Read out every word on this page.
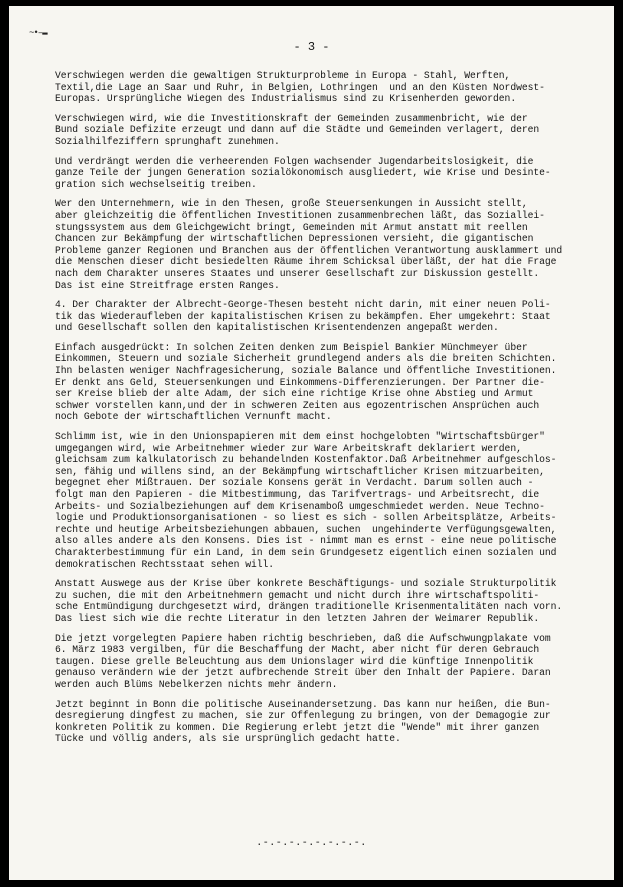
~•–▬
- 3 -
Verschwiegen werden die gewaltigen Strukturprobleme in Europa - Stahl, Werften,
Textil,die Lage an Saar und Ruhr, in Belgien, Lothringen  und an den Küsten Nordwest-
Europas. Ursprüngliche Wiegen des Industrialismus sind zu Krisenherden geworden.
Verschwiegen wird, wie die Investitionskraft der Gemeinden zusammenbricht, wie der
Bund soziale Defizite erzeugt und dann auf die Städte und Gemeinden verlagert, deren
Sozialhilfeziffern sprunghaft zunehmen.
Und verdrängt werden die verheerenden Folgen wachsender Jugendarbeitslosigkeit, die
ganze Teile der jungen Generation sozialökonomisch ausgliedert, wie Krise und Desinte-
gration sich wechselseitig treiben.
Wer den Unternehmern, wie in den Thesen, große Steuersenkungen in Aussicht stellt,
aber gleichzeitig die öffentlichen Investitionen zusammenbrechen läßt, das Soziallei-
stungssystem aus dem Gleichgewicht bringt, Gemeinden mit Armut anstatt mit reellen
Chancen zur Bekämpfung der wirtschaftlichen Depressionen versieht, die gigantischen
Probleme ganzer Regionen und Branchen aus der öffentlichen Verantwortung ausklammert und
die Menschen dieser dicht besiedelten Räume ihrem Schicksal überläßt, der hat die Frage
nach dem Charakter unseres Staates und unserer Gesellschaft zur Diskussion gestellt.
Das ist eine Streitfrage ersten Ranges.
4. Der Charakter der Albrecht-George-Thesen besteht nicht darin, mit einer neuen Poli-
tik das Wiederaufleben der kapitalistischen Krisen zu bekämpfen. Eher umgekehrt: Staat
und Gesellschaft sollen den kapitalistischen Krisentendenzen angepaßt werden.
Einfach ausgedrückt: In solchen Zeiten denken zum Beispiel Bankier Münchmeyer über
Einkommen, Steuern und soziale Sicherheit grundlegend anders als die breiten Schichten.
Ihn belasten weniger Nachfragesicherung, soziale Balance und öffentliche Investitionen.
Er denkt ans Geld, Steuersenkungen und Einkommens-Differenzierungen. Der Partner die-
ser Kreise blieb der alte Adam, der sich eine richtige Krise ohne Abstieg und Armut
schwer vorstellen kann,und der in schweren Zeiten aus egozentrischen Ansprüchen auch
noch Gebote der wirtschaftlichen Vernunft macht.
Schlimm ist, wie in den Unionspapieren mit dem einst hochgelobten "Wirtschaftsbürger"
umgegangen wird, wie Arbeitnehmer wieder zur Ware Arbeitskraft deklariert werden,
gleichsam zum kalkulatorisch zu behandelnden Kostenfaktor.Daß Arbeitnehmer aufgeschlos-
sen, fähig und willens sind, an der Bekämpfung wirtschaftlicher Krisen mitzuarbeiten,
begegnet eher Mißtrauen. Der soziale Konsens gerät in Verdacht. Darum sollen auch -
folgt man den Papieren - die Mitbestimmung, das Tarifvertrags- und Arbeitsrecht, die
Arbeits- und Sozialbeziehungen auf dem Krisenamboß umgeschmiedet werden. Neue Techno-
logie und Produktionsorganisationen - so liest es sich - sollen Arbeitsplätze, Arbeits-
rechte und heutige Arbeitsbeziehungen abbauen, suchen  ungehinderte Verfügungsgewalten,
also alles andere als den Konsens. Dies ist - nimmt man es ernst - eine neue politische
Charakterbestimmung für ein Land, in dem sein Grundgesetz eigentlich einen sozialen und
demokratischen Rechtsstaat sehen will.
Anstatt Auswege aus der Krise über konkrete Beschäftigungs- und soziale Strukturpolitik
zu suchen, die mit den Arbeitnehmern gemacht und nicht durch ihre wirtschaftspoliti-
sche Entmündigung durchgesetzt wird, drängen traditionelle Krisenmentalitäten nach vorn.
Das liest sich wie die rechte Literatur in den letzten Jahren der Weimarer Republik.
Die jetzt vorgelegten Papiere haben richtig beschrieben, daß die Aufschwungplakate vom
6. März 1983 vergilben, für die Beschaffung der Macht, aber nicht für deren Gebrauch
taugen. Diese grelle Beleuchtung aus dem Unionslager wird die künftige Innenpolitik
genauso verändern wie der jetzt aufbrechende Streit über den Inhalt der Papiere. Daran
werden auch Blüms Nebelkerzen nichts mehr ändern.
Jetzt beginnt in Bonn die politische Auseinandersetzung. Das kann nur heißen, die Bun-
desregierung dingfest zu machen, sie zur Offenlegung zu bringen, von der Demagogie zur
konkreten Politik zu kommen. Die Regierung erlebt jetzt die "Wende" mit ihrer ganzen
Tücke und völlig anders, als sie ursprünglich gedacht hatte.
.-.-.-.-.-.-.-.-.
